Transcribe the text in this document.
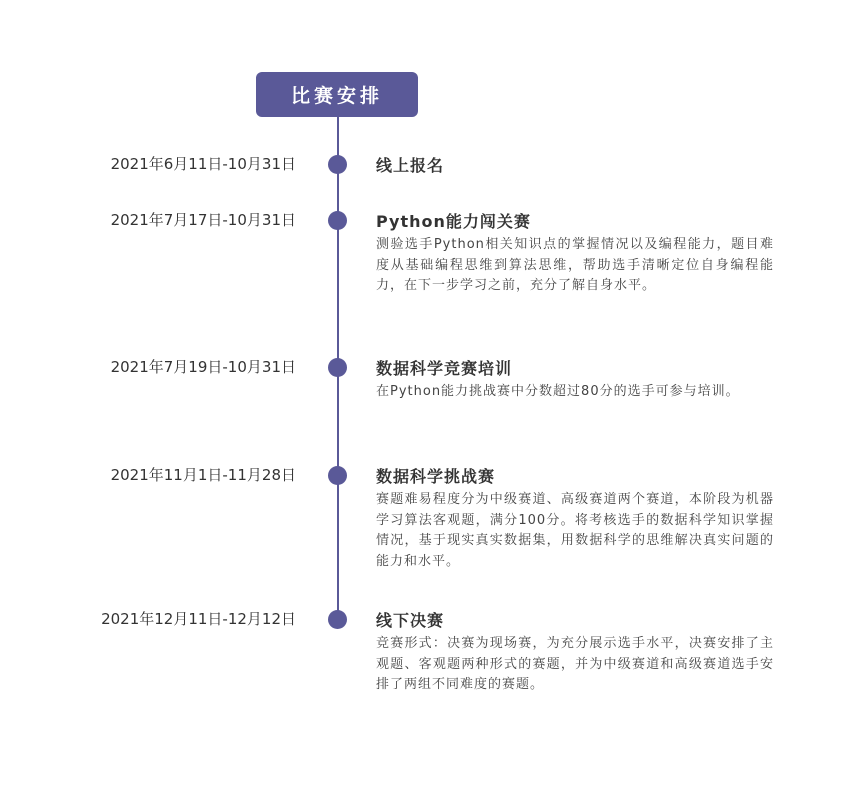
比赛安排
2021年6月11日-10月31日	线上报名
2021年7月17日-10月31日	Python能力闯关赛
测验选手Python相关知识点的掌握情况以及编程能力，题目难度从基础编程思维到算法思维，帮助选手清晰定位自身编程能力，在下一步学习之前，充分了解自身水平。
2021年7月19日-10月31日	数据科学竞赛培训
在Python能力挑战赛中分数超过80分的选手可参与培训。
2021年11月1日-11月28日	数据科学挑战赛
赛题难易程度分为中级赛道、高级赛道两个赛道，本阶段为机器学习算法客观题，满分100分。将考核选手的数据科学知识掌握情况，基于现实真实数据集，用数据科学的思维解决真实问题的能力和水平。
2021年12月11日-12月12日	线下决赛
竞赛形式：决赛为现场赛，为充分展示选手水平，决赛安排了主观题、客观题两种形式的赛题，并为中级赛道和高级赛道选手安排了两组不同难度的赛题。
